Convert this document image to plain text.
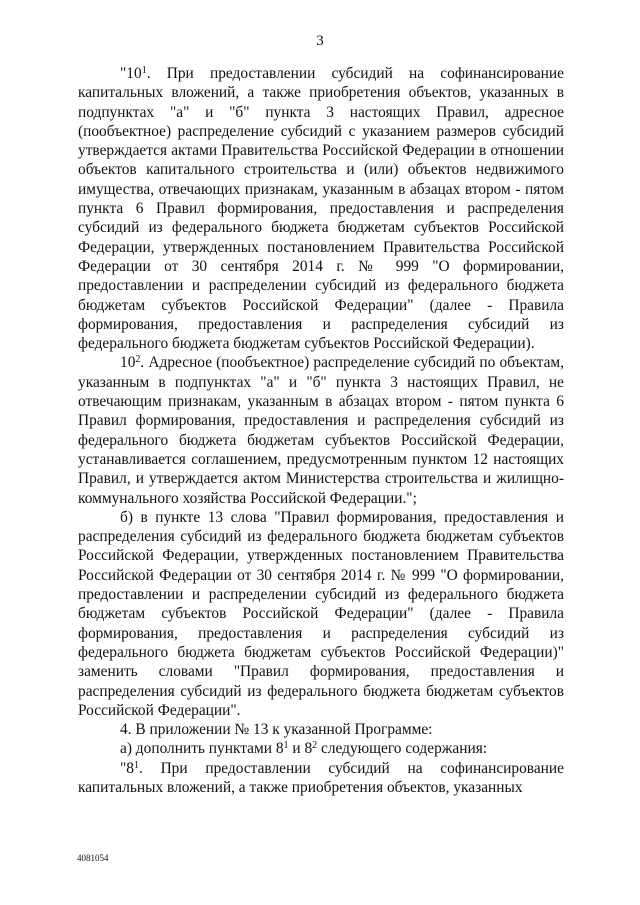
3

"$10^1$. При предоставлении субсидий на софинансирование капитальных вложений, а также приобретения объектов, указанных в подпунктах "а" и "б" пункта 3 настоящих Правил, адресное (пообъектное) распределение субсидий с указанием размеров субсидий утверждается актами Правительства Российской Федерации в отношении объектов капитального строительства и (или) объектов недвижимого имущества, отвечающих признакам, указанным в абзацах втором - пятом пункта 6 Правил формирования, предоставления и распределения субсидий из федерального бюджета бюджетам субъектов Российской Федерации, утвержденных постановлением Правительства Российской Федерации от 30 сентября 2014 г. № 999 "О формировании, предоставлении и распределении субсидий из федерального бюджета бюджетам субъектов Российской Федерации" (далее - Правила формирования, предоставления и распределения субсидий из федерального бюджета бюджетам субъектов Российской Федерации).

$10^2$. Адресное (пообъектное) распределение субсидий по объектам, указанным в подпунктах "а" и "б" пункта 3 настоящих Правил, не отвечающим признакам, указанным в абзацах втором - пятом пункта 6 Правил формирования, предоставления и распределения субсидий из федерального бюджета бюджетам субъектов Российской Федерации, устанавливается соглашением, предусмотренным пунктом 12 настоящих Правил, и утверждается актом Министерства строительства и жилищно-коммунального хозяйства Российской Федерации.";

б) в пункте 13 слова "Правил формирования, предоставления и распределения субсидий из федерального бюджета бюджетам субъектов Российской Федерации, утвержденных постановлением Правительства Российской Федерации от 30 сентября 2014 г. № 999 "О формировании, предоставлении и распределении субсидий из федерального бюджета бюджетам субъектов Российской Федерации" (далее - Правила формирования, предоставления и распределения субсидий из федерального бюджета бюджетам субъектов Российской Федерации)" заменить словами "Правил формирования, предоставления и распределения субсидий из федерального бюджета бюджетам субъектов Российской Федерации".

4. В приложении № 13 к указанной Программе:

а) дополнить пунктами $8^1$ и $8^2$ следующего содержания:

"$8^1$. При предоставлении субсидий на софинансирование капитальных вложений, а также приобретения объектов, указанных

4081054
